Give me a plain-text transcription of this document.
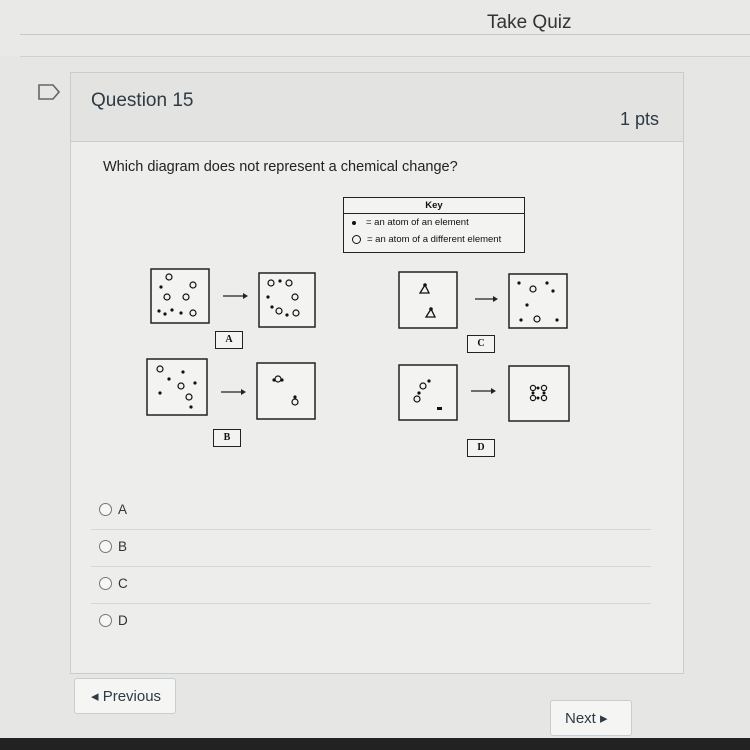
Take Quiz
Question 15
1 pts
Which diagram does not represent a chemical change?
Key
= an atom of an element
= an atom of a different element
A
B
C
D
A
B
C
D
◂ Previous
Next ▸
